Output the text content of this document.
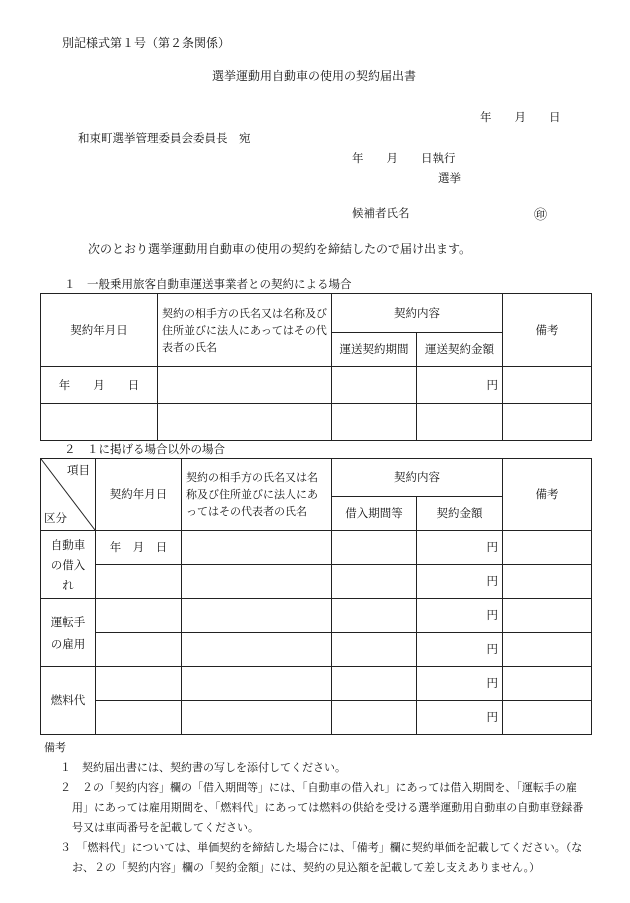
別記様式第１号（第２条関係）
選挙運動用自動車の使用の契約届出書
年　　月　　日
和束町選挙管理委員会委員長　宛
年　　月　　日執行
選挙
候補者氏名	㊞
次のとおり選挙運動用自動車の使用の契約を締結したので届け出ます。
１　一般乗用旅客自動車運送事業者との契約による場合
契約年月日	契約の相手方の氏名又は名称及び住所並びに法人にあってはその代表者の氏名	契約内容		備考
		運送契約期間	運送契約金額	
年　　月　　日			円	

２　１に掲げる場合以外の場合
項目
区分	契約年月日	契約の相手方の氏名又は名称及び住所並びに法人にあってはその代表者の氏名	契約内容		備考
			借入期間等	契約金額	
自動車の借入れ	年　月　日			円	
				円	
運転手の雇用				円	
				円	
燃料代				円	
				円	
備考
１　契約届出書には、契約書の写しを添付してください。
２　２の「契約内容」欄の「借入期間等」には、「自動車の借入れ」にあっては借入期間を、「運転手の雇
用」にあっては雇用期間を、「燃料代」にあっては燃料の供給を受ける選挙運動用自動車の自動車登録番
号又は車両番号を記載してください。
３　「燃料代」については、単価契約を締結した場合には、「備考」欄に契約単価を記載してください。（な
お、２の「契約内容」欄の「契約金額」には、契約の見込額を記載して差し支えありません。）
